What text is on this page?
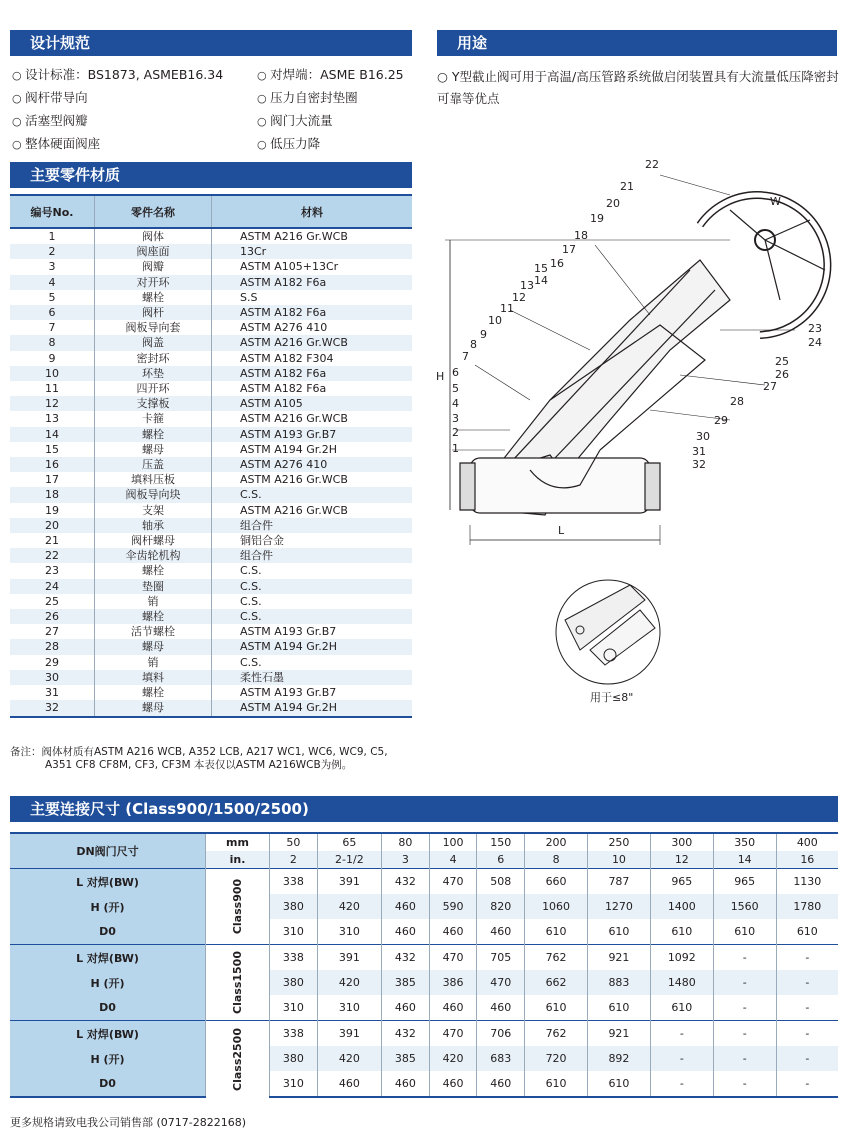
设计规范	用途
主要零件材质
主要连接尺寸 (Class900/1500/2500)
○ 设计标准：BS1873, ASMEB16.34
○ 阀杆带导向
○ 活塞型阀瓣
○ 整体硬面阀座
○ 对焊端：ASME B16.25
○ 压力自密封垫圈
○ 阀门大流量
○ 低压力降
○ Y型截止阀可用于高温/高压管路系统做启闭装置具有大流量低压降密封可靠等优点
编号No.	零件名称	材料
1	阀体	ASTM A216 Gr.WCB
2	阀座面	13Cr
3	阀瓣	ASTM A105+13Cr
4	对开环	ASTM A182 F6a
5	螺栓	S.S
6	阀杆	ASTM A182 F6a
7	阀板导向套	ASTM A276 410
8	阀盖	ASTM A216 Gr.WCB
9	密封环	ASTM A182 F304
10	环垫	ASTM A182 F6a
11	四开环	ASTM A182 F6a
12	支撑板	ASTM A105
13	卡箍	ASTM A216 Gr.WCB
14	螺栓	ASTM A193 Gr.B7
15	螺母	ASTM A194 Gr.2H
16	压盖	ASTM A276 410
17	填料压板	ASTM A216 Gr.WCB
18	阀板导向块	C.S.
19	支架	ASTM A216 Gr.WCB
20	轴承	组合件
21	阀杆螺母	铜铝合金
22	伞齿轮机构	组合件
23	螺栓	C.S.
24	垫圈	C.S.
25	销	C.S.
26	螺栓	C.S.
27	活节螺栓	ASTM A193 Gr.B7
28	螺母	ASTM A194 Gr.2H
29	销	C.S.
30	填料	柔性石墨
31	螺栓	ASTM A193 Gr.B7
32	螺母	ASTM A194 Gr.2H
备注：阀体材质有ASTM A216 WCB, A352 LCB, A217 WC1, WC6, WC9, C5,
A351 CF8 CF8M, CF3, CF3M 本表仅以ASTM A216WCB为例。
1
2
3
4
5
6
7
8
9
10
11
12
13 14
15 16
17
18
19
20
21
22
23
24
25
26
27
28
29
30
31
32
H
L
W
用于≤8"
DN阀门尺寸	mm	50	65	80	100	150	200	250	300	350	400
	in.	2	2-1/2	3	4	6	8	10	12	14	16
L 对焊(BW)	Class900	338	391	432	470	508	660	787	965	965	1130
H (开)		380	420	460	590	820	1060	1270	1400	1560	1780
D0		310	310	460	460	460	610	610	610	610	610
L 对焊(BW)	Class1500	338	391	432	470	705	762	921	1092	-	-
H (开)		380	420	385	386	470	662	883	1480	-	-
D0		310	310	460	460	460	610	610	610	-	-
L 对焊(BW)	Class2500	338	391	432	470	706	762	921	-	-	-
H (开)		380	420	385	420	683	720	892	-	-	-
D0		310	460	460	460	460	610	610	-	-	-
更多规格请致电我公司销售部 (0717-2822168)
